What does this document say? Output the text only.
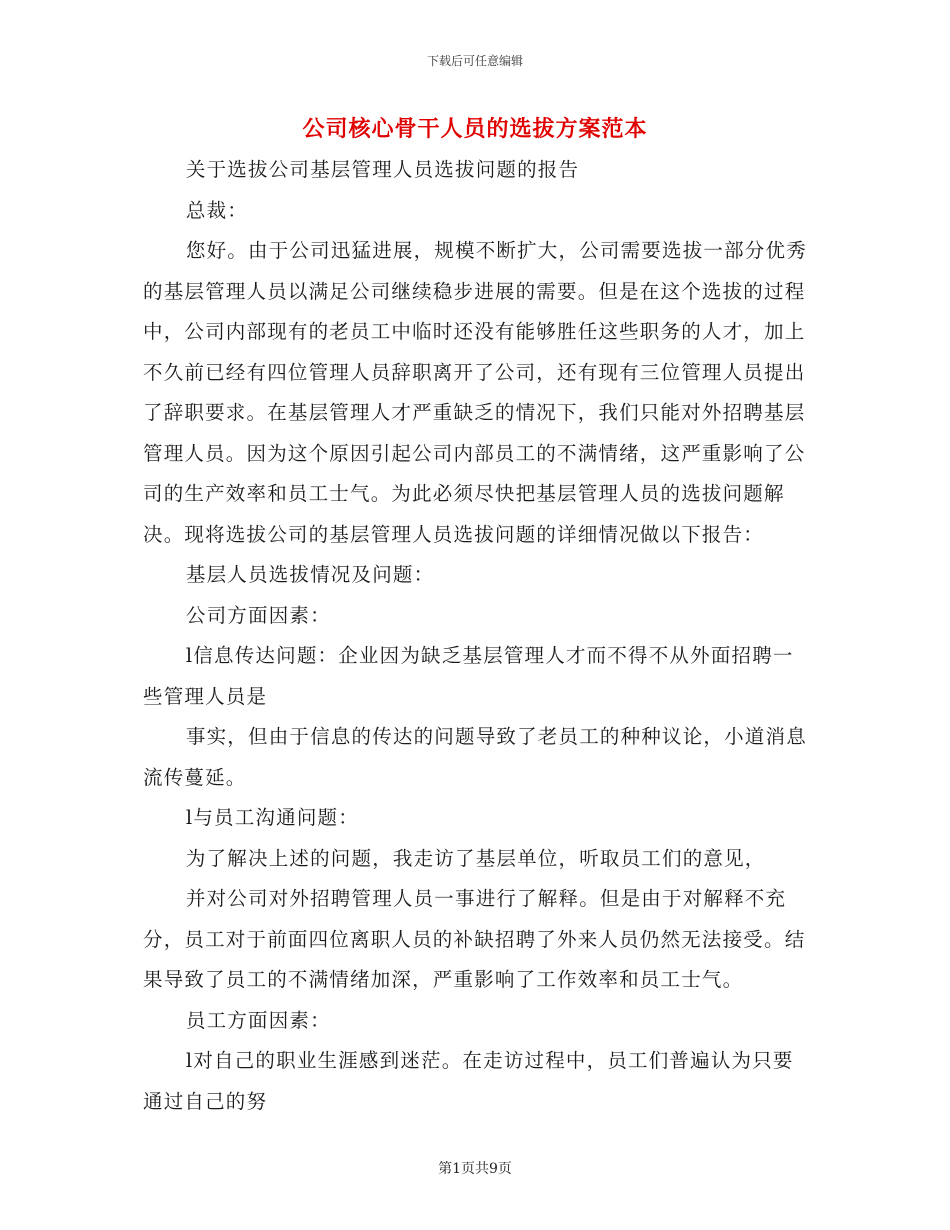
下载后可任意编辑
公司核心骨干人员的选拔方案范本

关于选拔公司基层管理人员选拔问题的报告

总裁：

您好。由于公司迅猛进展，规模不断扩大，公司需要选拔一部分优秀的基层管理人员以满足公司继续稳步进展的需要。但是在这个选拔的过程中，公司内部现有的老员工中临时还没有能够胜任这些职务的人才，加上不久前已经有四位管理人员辞职离开了公司，还有现有三位管理人员提出了辞职要求。在基层管理人才严重缺乏的情况下，我们只能对外招聘基层管理人员。因为这个原因引起公司内部员工的不满情绪，这严重影响了公司的生产效率和员工士气。为此必须尽快把基层管理人员的选拔问题解决。现将选拔公司的基层管理人员选拔问题的详细情况做以下报告：

基层人员选拔情况及问题：

公司方面因素：

l信息传达问题：企业因为缺乏基层管理人才而不得不从外面招聘一些管理人员是

事实，但由于信息的传达的问题导致了老员工的种种议论，小道消息流传蔓延。

l与员工沟通问题：

为了解决上述的问题，我走访了基层单位，听取员工们的意见，

并对公司对外招聘管理人员一事进行了解释。但是由于对解释不充分，员工对于前面四位离职人员的补缺招聘了外来人员仍然无法接受。结果导致了员工的不满情绪加深，严重影响了工作效率和员工士气。

员工方面因素：

l对自己的职业生涯感到迷茫。在走访过程中，员工们普遍认为只要通过自己的努

第1页共9页
